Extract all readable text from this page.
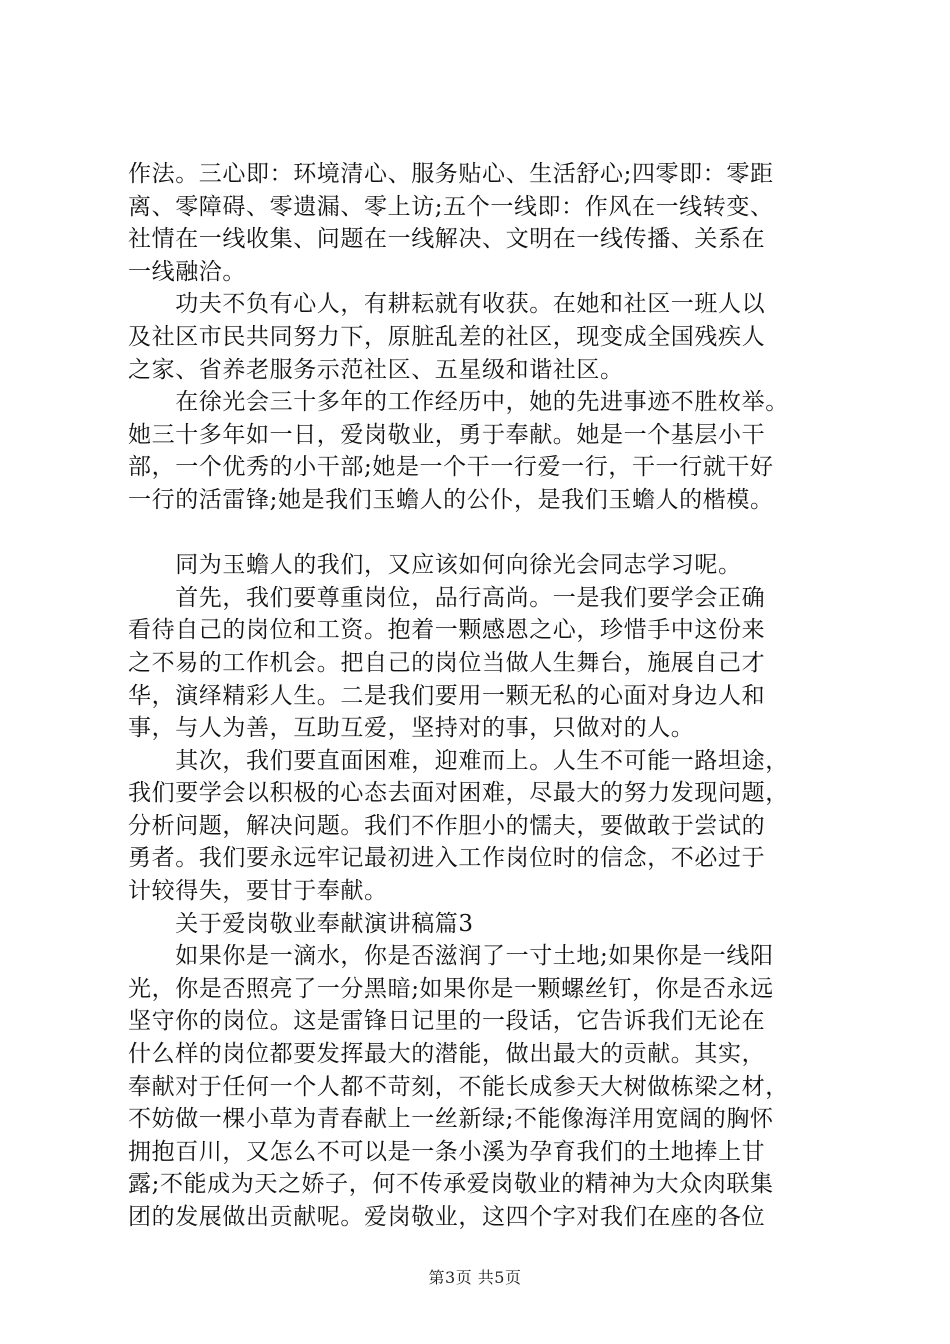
作法。三心即：环境清心、服务贴心、生活舒心;四零即：零距
离、零障碍、零遗漏、零上访;五个一线即：作风在一线转变、
社情在一线收集、问题在一线解决、文明在一线传播、关系在
一线融洽。
　　功夫不负有心人，有耕耘就有收获。在她和社区一班人以
及社区市民共同努力下，原脏乱差的社区，现变成全国残疾人
之家、省养老服务示范社区、五星级和谐社区。
　　在徐光会三十多年的工作经历中，她的先进事迹不胜枚举。
她三十多年如一日，爱岗敬业，勇于奉献。她是一个基层小干
部，一个优秀的小干部;她是一个干一行爱一行，干一行就干好
一行的活雷锋;她是我们玉蟾人的公仆，是我们玉蟾人的楷模。
　　同为玉蟾人的我们，又应该如何向徐光会同志学习呢。
　　首先，我们要尊重岗位，品行高尚。一是我们要学会正确
看待自己的岗位和工资。抱着一颗感恩之心，珍惜手中这份来
之不易的工作机会。把自己的岗位当做人生舞台，施展自己才
华，演绎精彩人生。二是我们要用一颗无私的心面对身边人和
事，与人为善，互助互爱，坚持对的事，只做对的人。
　　其次，我们要直面困难，迎难而上。人生不可能一路坦途，
我们要学会以积极的心态去面对困难，尽最大的努力发现问题，
分析问题，解决问题。我们不作胆小的懦夫，要做敢于尝试的
勇者。我们要永远牢记最初进入工作岗位时的信念，不必过于
计较得失，要甘于奉献。
　　关于爱岗敬业奉献演讲稿篇3
　　如果你是一滴水，你是否滋润了一寸土地;如果你是一线阳
光，你是否照亮了一分黑暗;如果你是一颗螺丝钉，你是否永远
坚守你的岗位。这是雷锋日记里的一段话，它告诉我们无论在
什么样的岗位都要发挥最大的潜能，做出最大的贡献。其实，
奉献对于任何一个人都不苛刻，不能长成参天大树做栋梁之材，
不妨做一棵小草为青春献上一丝新绿;不能像海洋用宽阔的胸怀
拥抱百川，又怎么不可以是一条小溪为孕育我们的土地捧上甘
露;不能成为天之娇子，何不传承爱岗敬业的精神为大众肉联集
团的发展做出贡献呢。爱岗敬业，这四个字对我们在座的各位
第3页 共5页
